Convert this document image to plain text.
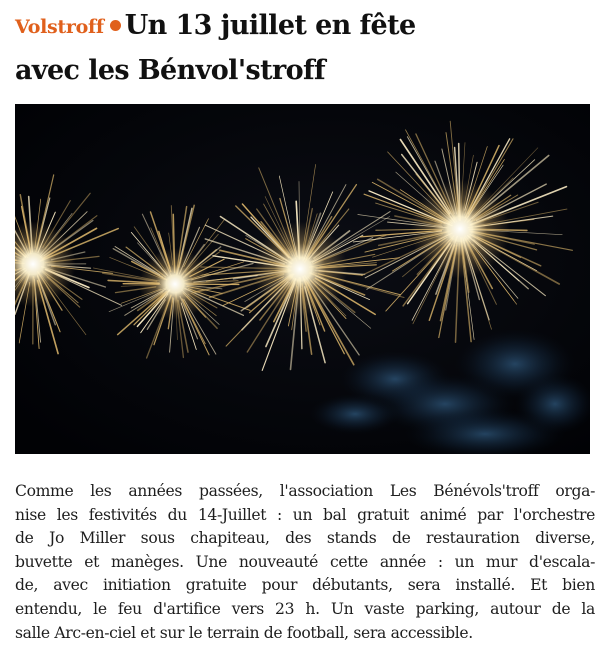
Volstroff Un 13 juillet en fête
avec les Bénvol'stroff

Comme les années passées, l'association Les Bénévols'troff orga-
nise les festivités du 14-Juillet : un bal gratuit animé par l'orchestre
de Jo Miller sous chapiteau, des stands de restauration diverse,
buvette et manèges. Une nouveauté cette année : un mur d'escala-
de, avec initiation gratuite pour débutants, sera installé. Et bien
entendu, le feu d'artifice vers 23 h. Un vaste parking, autour de la
salle Arc-en-ciel et sur le terrain de football, sera accessible.
